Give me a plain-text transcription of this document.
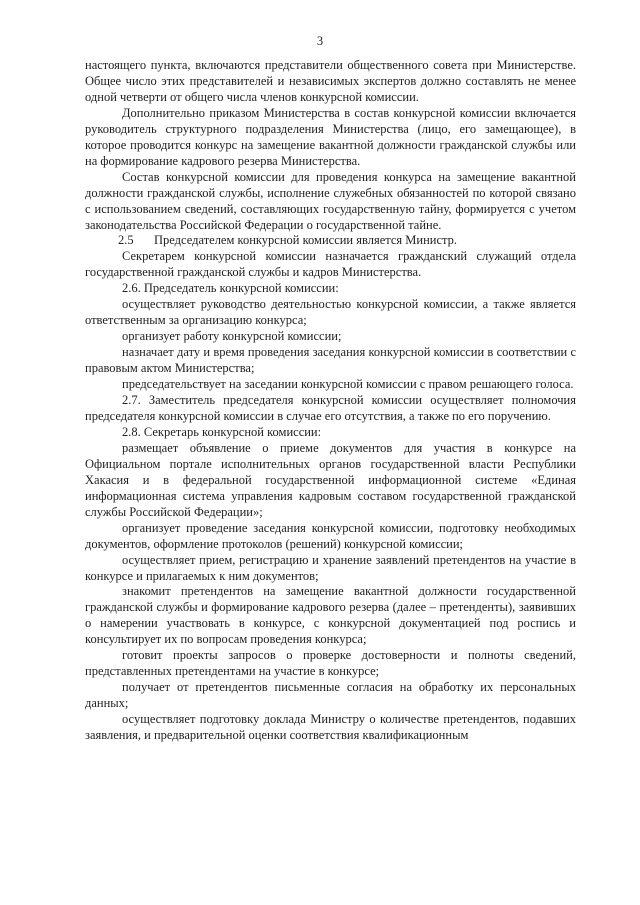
3

настоящего пункта, включаются представители общественного совета при Министерстве. Общее число этих представителей и независимых экспертов должно составлять не менее одной четверти от общего числа членов конкурсной комиссии.

Дополнительно приказом Министерства в состав конкурсной комиссии включается руководитель структурного подразделения Министерства (лицо, его замещающее), в которое проводится конкурс на замещение вакантной должности гражданской службы или на формирование кадрового резерва Министерства.

Состав конкурсной комиссии для проведения конкурса на замещение вакантной должности гражданской службы, исполнение служебных обязанностей по которой связано с использованием сведений, составляющих государственную тайну, формируется с учетом законодательства Российской Федерации о государственной тайне.

2.5 Председателем конкурсной комиссии является Министр.

Секретарем конкурсной комиссии назначается гражданский служащий отдела государственной гражданской службы и кадров Министерства.

2.6. Председатель конкурсной комиссии:

осуществляет руководство деятельностью конкурсной комиссии, а также является ответственным за организацию конкурса;

организует работу конкурсной комиссии;

назначает дату и время проведения заседания конкурсной комиссии в соответствии с правовым актом Министерства;

председательствует на заседании конкурсной комиссии с правом решающего голоса.

2.7. Заместитель председателя конкурсной комиссии осуществляет полномочия председателя конкурсной комиссии в случае его отсутствия, а также по его поручению.

2.8. Секретарь конкурсной комиссии:

размещает объявление о приеме документов для участия в конкурсе на Официальном портале исполнительных органов государственной власти Республики Хакасия и в федеральной государственной информационной системе «Единая информационная система управления кадровым составом государственной гражданской службы Российской Федерации»;

организует проведение заседания конкурсной комиссии, подготовку необходимых документов, оформление протоколов (решений) конкурсной комиссии;

осуществляет прием, регистрацию и хранение заявлений претендентов на участие в конкурсе и прилагаемых к ним документов;

знакомит претендентов на замещение вакантной должности государственной гражданской службы и формирование кадрового резерва (далее – претенденты), заявивших о намерении участвовать в конкурсе, с конкурсной документацией под роспись и консультирует их по вопросам проведения конкурса;

готовит проекты запросов о проверке достоверности и полноты сведений, представленных претендентами на участие в конкурсе;

получает от претендентов письменные согласия на обработку их персональных данных;

осуществляет подготовку доклада Министру о количестве претендентов, подавших заявления, и предварительной оценки соответствия квалификационным
